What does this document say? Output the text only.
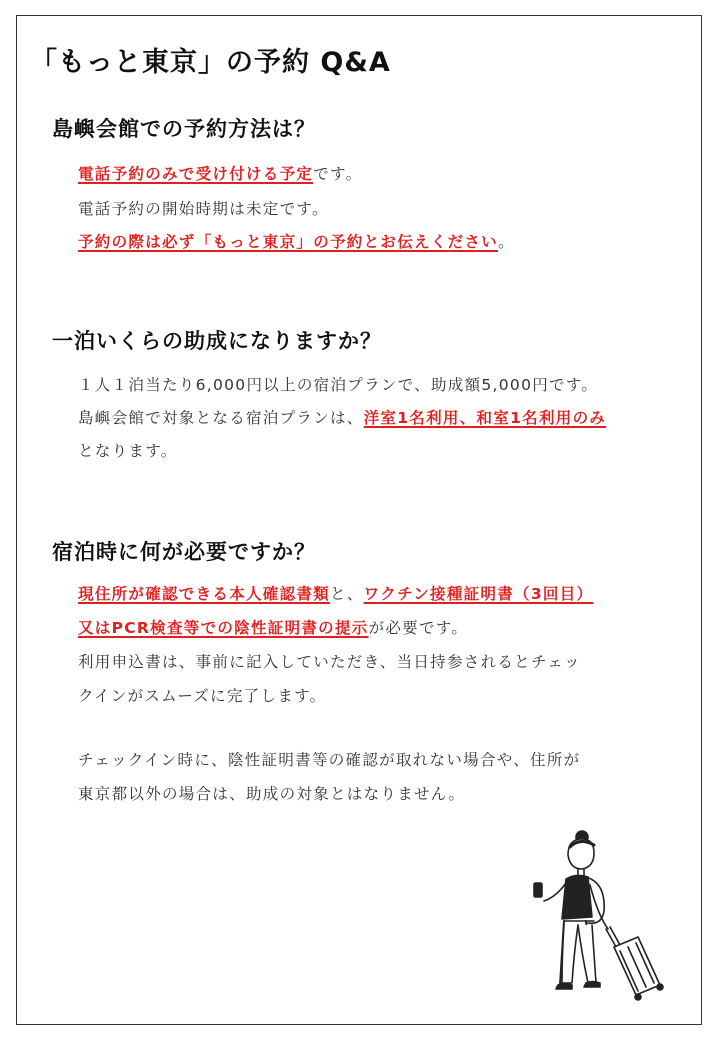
「もっと東京」の予約 Q&A
島嶼会館での予約方法は？
電話予約のみで受け付ける予定です。
電話予約の開始時期は未定です。
予約の際は必ず「もっと東京」の予約とお伝えください。
一泊いくらの助成になりますか？
１人１泊当たり6,000円以上の宿泊プランで、助成額5,000円です。
島嶼会館で対象となる宿泊プランは、洋室1名利用、和室1名利用のみ
となります。
宿泊時に何が必要ですか？
現住所が確認できる本人確認書類と、ワクチン接種証明書（3回目）
又はPCR検査等での陰性証明書の提示が必要です。
利用申込書は、事前に記入していただき、当日持参されるとチェッ
クインがスムーズに完了します。
チェックイン時に、陰性証明書等の確認が取れない場合や、住所が
東京都以外の場合は、助成の対象とはなりません。
